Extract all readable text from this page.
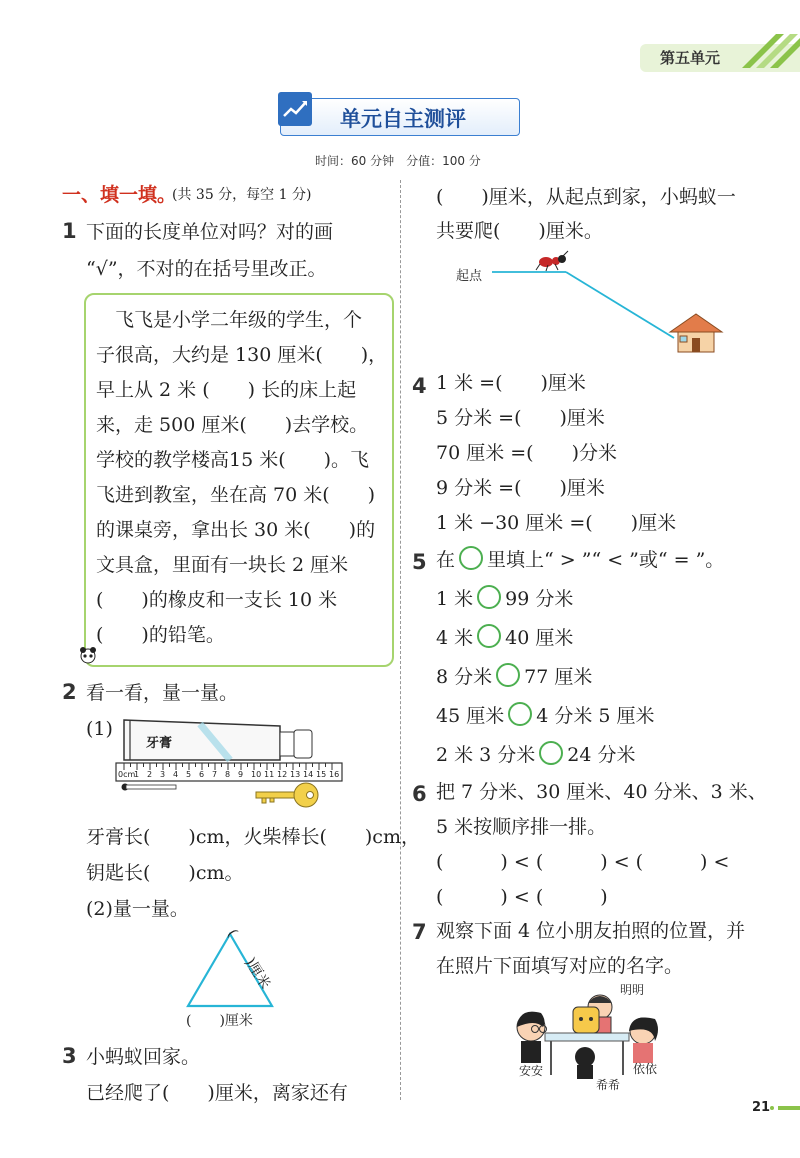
第五单元
单元自主测评
时间：60 分钟　分值：100 分
一、填一填。
(共 35 分，每空 1 分)
1 下面的长度单位对吗？对的画
“√”，不对的在括号里改正。
　飞飞是小学二年级的学生，个
子很高，大约是 130 厘米(　　)，
早上从 2 米 (　　) 长的床上起
来，走 500 厘米(　　)去学校。
学校的教学楼高15 米(　　)。飞
飞进到教室，坐在高 70 米(　　)
的课桌旁，拿出长 30 米(　　)的
文具盒，里面有一块长 2 厘米
(　　)的橡皮和一支长 10 米
(　　)的铅笔。
2 看一看，量一量。
(1)
牙膏
0cm
1 2 3 4 5 6 7 8 9 10 11 12 13 14 15 16
牙膏长(　　)cm，火柴棒长(　　)cm，
钥匙长(　　)cm。
(2)量一量。
(　　)厘米
(　　)厘米
3 小蚂蚁回家。
已经爬了(　　)厘米，离家还有
(　　)厘米，从起点到家，小蚂蚁一
共要爬(　　)厘米。
起点
4 1 米 =(　　)厘米
5 分米 =(　　)厘米
70 厘米 =(　　)分米
9 分米 =(　　)厘米
1 米 −30 厘米 =(　　)厘米
5 在 里填上“ > ”“ < ”或“ = ”。
1 米 99 分米
4 米 40 厘米
8 分米 77 厘米
45 厘米 4 分米 5 厘米
2 米 3 分米 24 分米
6 把 7 分米、30 厘米、40 分米、3 米、
5 米按顺序排一排。
(　　　) < (　　　) < (　　　) <
(　　　) < (　　　)
7 观察下面 4 位小朋友拍照的位置，并
在照片下面填写对应的名字。
明明
安安	依依
希希
21
